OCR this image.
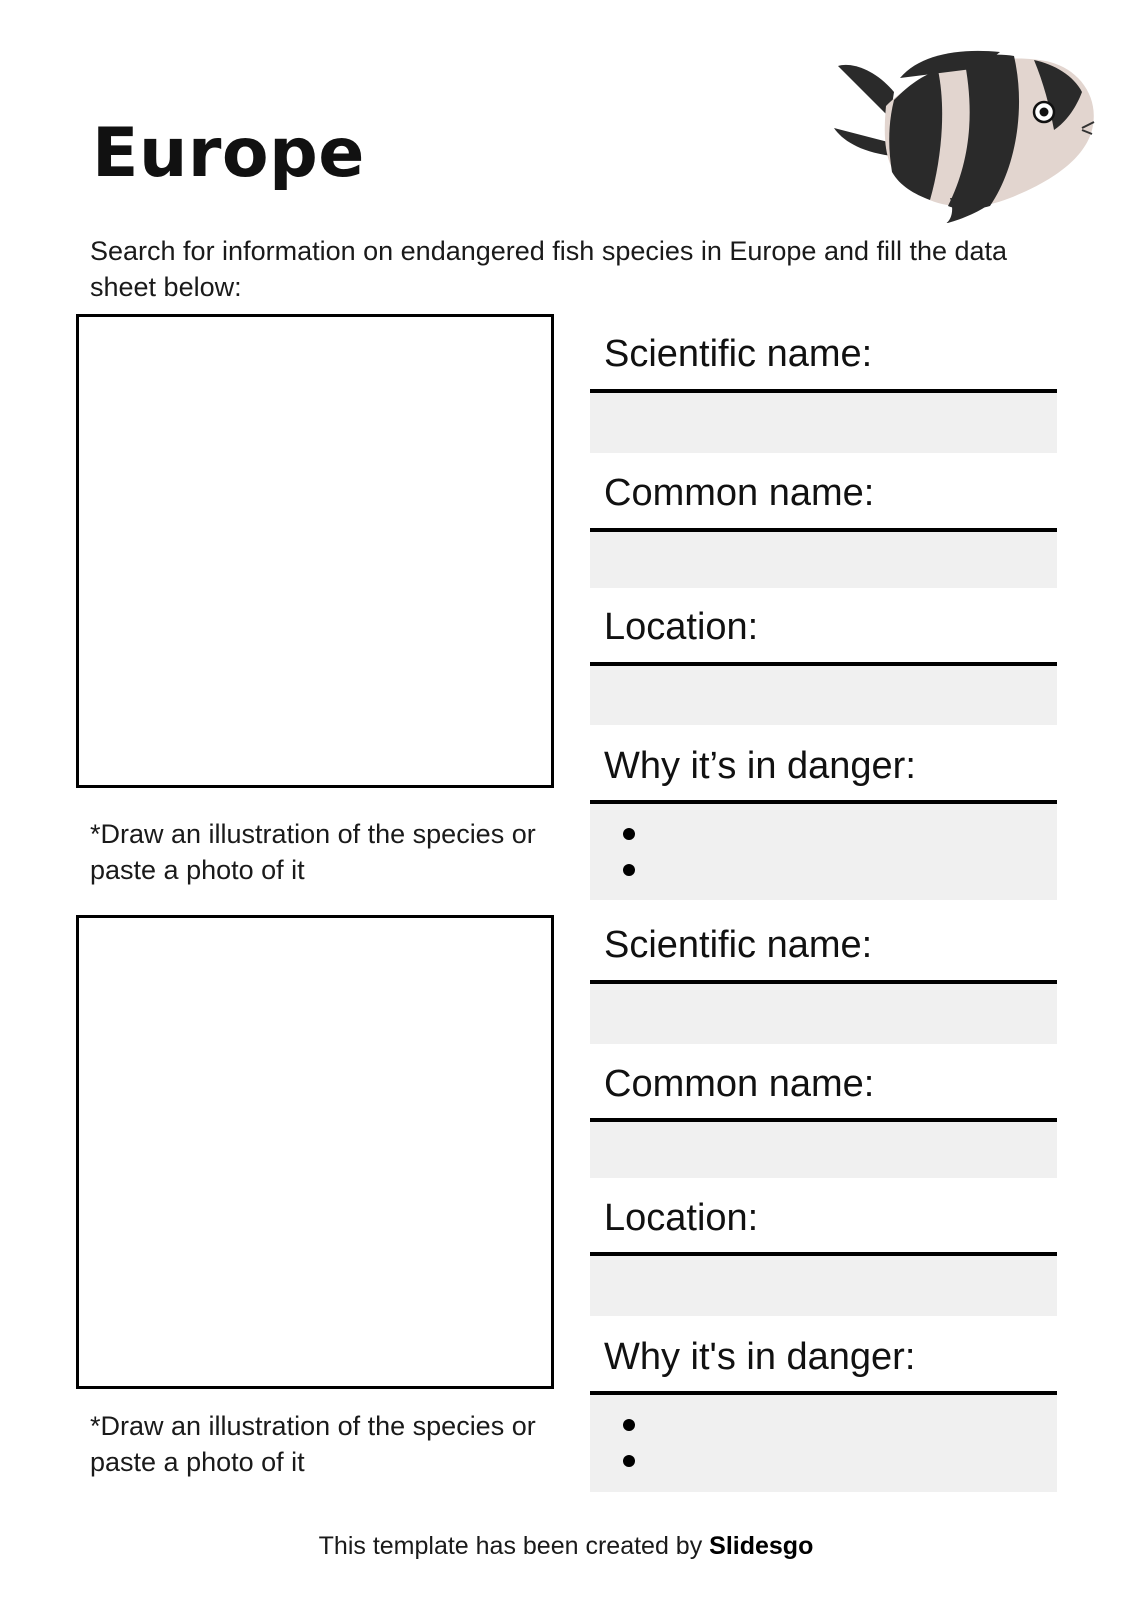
Europe
Search for information on endangered fish species in Europe and fill the data sheet below:
*Draw an illustration of the species or paste a photo of it
Scientific name:
Common name:
Location:
Why it’s in danger:
*Draw an illustration of the species or paste a photo of it
Scientific name:
Common name:
Location:
Why it's in danger:
This template has been created by Slidesgo
